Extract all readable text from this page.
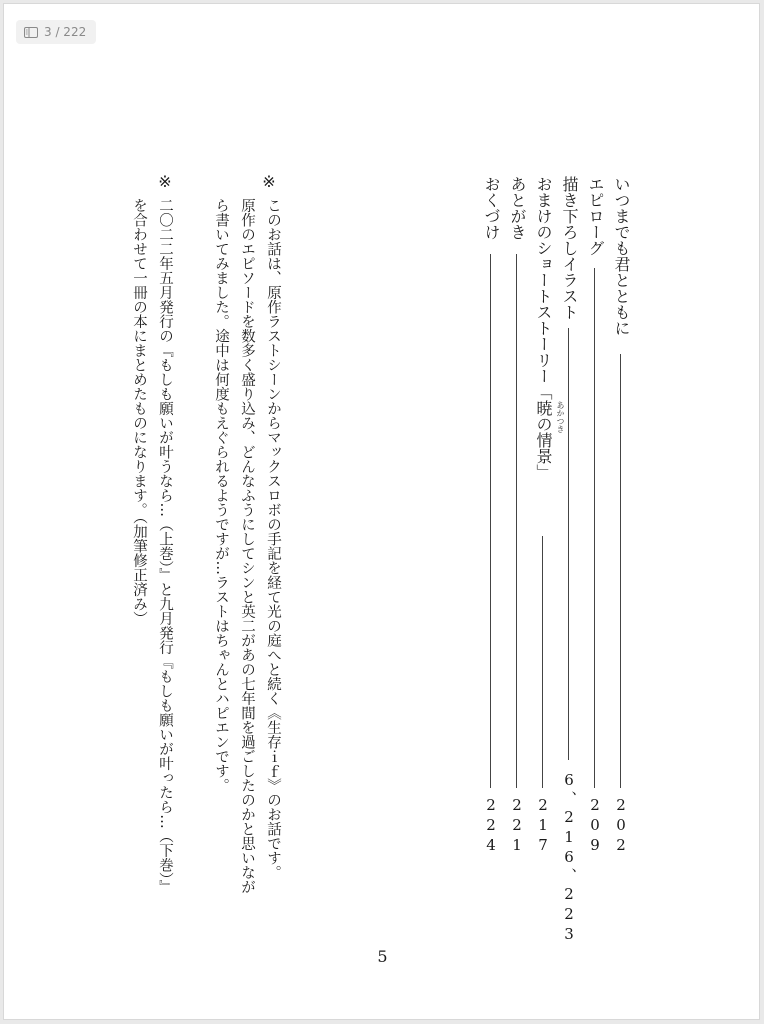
3 / 222
いつまでも君とともに
202
エピローグ
209
描き下ろしイラスト
6、216、223
おまけのショートストーリー「暁 あかつき
の情景」
217
あとがき
221
おくづけ
224
※
このお話は、原作ラストシーンからマックスロボの手記を経て光の庭へと続く《生存ｉｆ》のお話です。
原作のエピソードを数多く盛り込み、どんなふうにしてシンと英二があの七年間を過ごしたのかと思いなが
ら書いてみました。途中は何度もえぐられるようですが…ラストはちゃんとハピエンです。
※
二〇二二年五月発行の『もしも願いが叶うなら…（上巻）』と九月発行『もしも願いが叶ったら…（下巻）』
を合わせて一冊の本にまとめたものになります。（加筆修正済み）
5
